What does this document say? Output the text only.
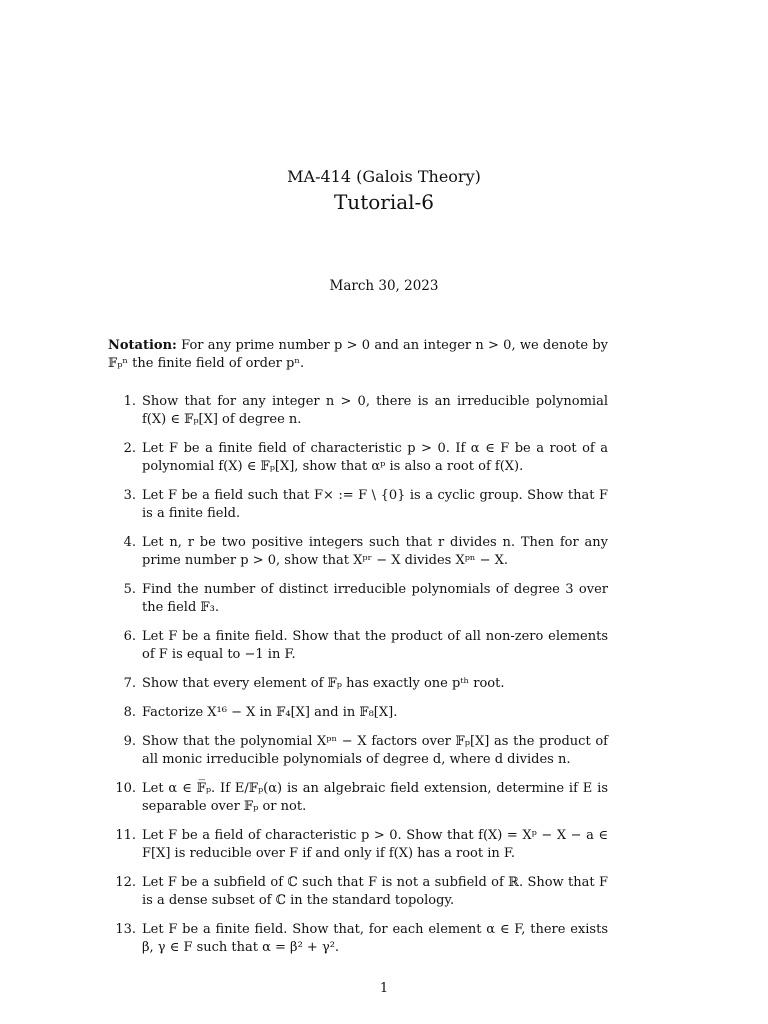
MA-414 (Galois Theory)
Tutorial-6
March 30, 2023
Notation: For any prime number p > 0 and an integer n > 0, we denote by 𝔽ₚⁿ the finite field of order pⁿ.
1. Show that for any integer n > 0, there is an irreducible polynomial f(X) ∈ 𝔽ₚ[X] of degree n.
2. Let F be a finite field of characteristic p > 0. If α ∈ F be a root of a polynomial f(X) ∈ 𝔽ₚ[X], show that αᵖ is also a root of f(X).
3. Let F be a field such that F× := F \ {0} is a cyclic group. Show that F is a finite field.
4. Let n, r be two positive integers such that r divides n. Then for any prime number p > 0, show that Xᵖʳ − X divides Xᵖⁿ − X.
5. Find the number of distinct irreducible polynomials of degree 3 over the field 𝔽₃.
6. Let F be a finite field. Show that the product of all non-zero elements of F is equal to −1 in F.
7. Show that every element of 𝔽ₚ has exactly one pᵗʰ root.
8. Factorize X¹⁶ − X in 𝔽₄[X] and in 𝔽₈[X].
9. Show that the polynomial Xᵖⁿ − X factors over 𝔽ₚ[X] as the product of all monic irreducible polynomials of degree d, where d divides n.
10. Let α ∈ 𝔽̅ₚ. If E/𝔽ₚ(α) is an algebraic field extension, determine if E is separable over 𝔽ₚ or not.
11. Let F be a field of characteristic p > 0. Show that f(X) = Xᵖ − X − a ∈ F[X] is reducible over F if and only if f(X) has a root in F.
12. Let F be a subfield of ℂ such that F is not a subfield of ℝ. Show that F is a dense subset of ℂ in the standard topology.
13. Let F be a finite field. Show that, for each element α ∈ F, there exists β, γ ∈ F such that α = β² + γ².
1
